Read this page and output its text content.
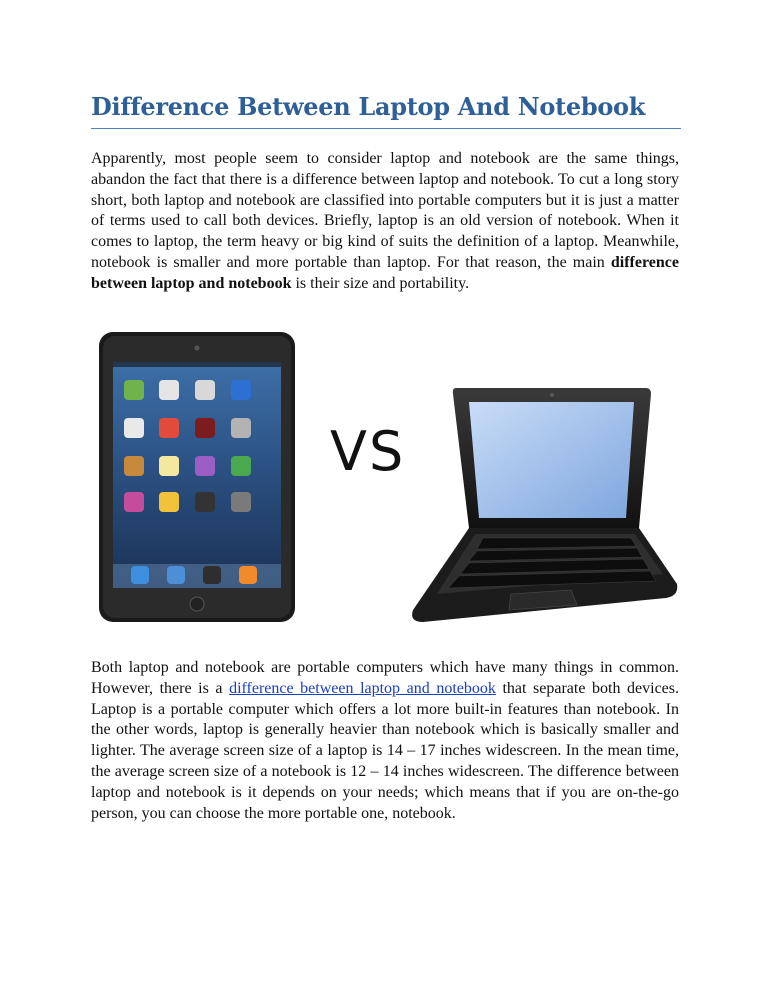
Difference Between Laptop And Notebook

Apparently, most people seem to consider laptop and notebook are the same things, abandon the fact that there is a difference between laptop and notebook. To cut a long story short, both laptop and notebook are classified into portable computers but it is just a matter of terms used to call both devices. Briefly, laptop is an old version of notebook. When it comes to laptop, the term heavy or big kind of suits the definition of a laptop. Meanwhile, notebook is smaller and more portable than laptop. For that reason, the main difference between laptop and notebook is their size and portability.

VS

Both laptop and notebook are portable computers which have many things in common. However, there is a difference between laptop and notebook that separate both devices. Laptop is a portable computer which offers a lot more built-in features than notebook. In the other words, laptop is generally heavier than notebook which is basically smaller and lighter. The average screen size of a laptop is 14 – 17 inches widescreen. In the mean time, the average screen size of a notebook is 12 – 14 inches widescreen. The difference between laptop and notebook is it depends on your needs; which means that if you are on-the-go person, you can choose the more portable one, notebook.
